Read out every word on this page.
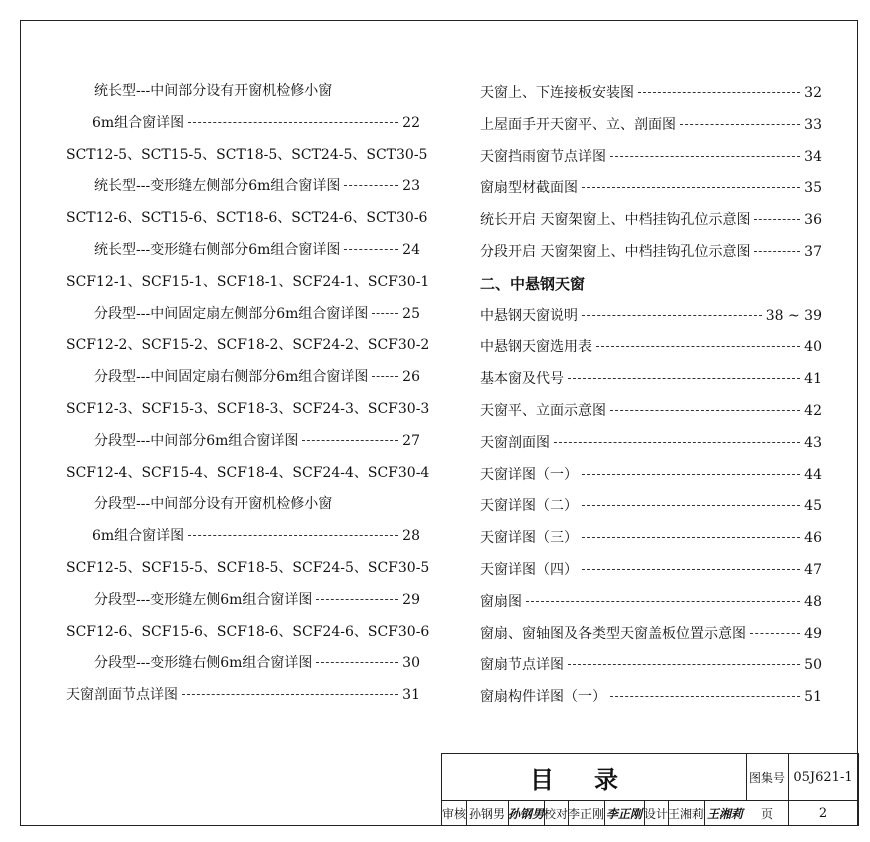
统长型---中间部分设有开窗机检修小窗
6m组合窗详图	22
SCT12-5、SCT15-5、SCT18-5、SCT24-5、SCT30-5
统长型---变形缝左侧部分6m组合窗详图	23
SCT12-6、SCT15-6、SCT18-6、SCT24-6、SCT30-6
统长型---变形缝右侧部分6m组合窗详图	24
SCF12-1、SCF15-1、SCF18-1、SCF24-1、SCF30-1
分段型---中间固定扇左侧部分6m组合窗详图 25
SCF12-2、SCF15-2、SCF18-2、SCF24-2、SCF30-2
分段型---中间固定扇右侧部分6m组合窗详图 26
SCF12-3、SCF15-3、SCF18-3、SCF24-3、SCF30-3
分段型---中间部分6m组合窗详图	27
SCF12-4、SCF15-4、SCF18-4、SCF24-4、SCF30-4
分段型---中间部分设有开窗机检修小窗
6m组合窗详图	28
SCF12-5、SCF15-5、SCF18-5、SCF24-5、SCF30-5
分段型---变形缝左侧6m组合窗详图	29
SCF12-6、SCF15-6、SCF18-6、SCF24-6、SCF30-6
分段型---变形缝右侧6m组合窗详图	30
天窗剖面节点详图	31
天窗上、下连接板安装图	32
上屋面手开天窗平、立、剖面图	33
天窗挡雨窗节点详图	34
窗扇型材截面图	35
统长开启 天窗架窗上、中档挂钩孔位示意图	36
分段开启 天窗架窗上、中档挂钩孔位示意图	37
二、中悬钢天窗
中悬钢天窗说明	38 ~ 39
中悬钢天窗选用表	40
基本窗及代号	41
天窗平、立面示意图	42
天窗剖面图	43
天窗详图（一）	44
天窗详图（二）	45
天窗详图（三）	46
天窗详图（四）	47
窗扇图	48
窗扇、窗轴图及各类型天窗盖板位置示意图	49
窗扇节点详图	50
窗扇构件详图（一）	51
目录	图集号 05J621-1
审核 孙钢男 孙钢男 校对 李正刚 李正刚 设计 王湘莉 王湘莉	页	2
